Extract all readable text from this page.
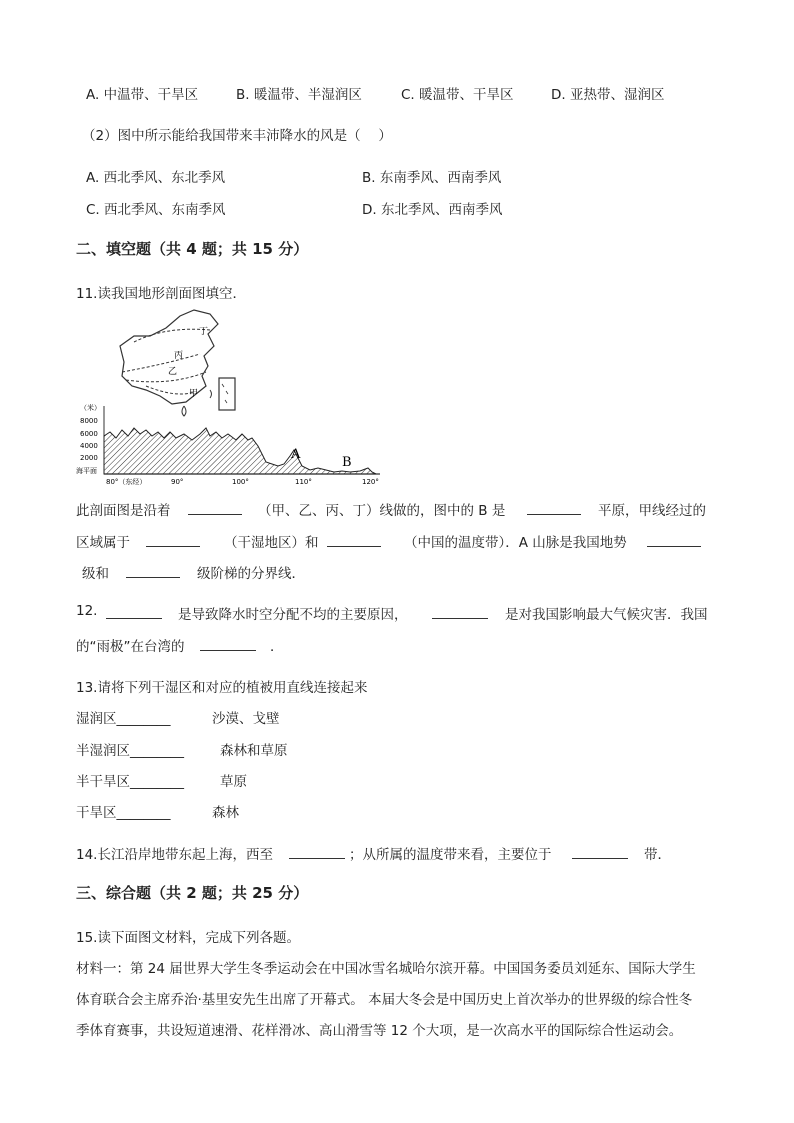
A. 中温带、干旱区	B. 暖温带、半湿润区	C. 暖温带、干旱区	D. 亚热带、湿润区
（2）图中所示能给我国带来丰沛降水的风是（　 ）
A. 西北季风、东北季风	B. 东南季风、西南季风
C. 西北季风、东南季风	D. 东北季风、西南季风
二、填空题（共 4 题；共 15 分）
11.读我国地形剖面图填空．
丁
丙
乙
甲
（米）
8000
6000
4000
2000
海平面
A
B
80°（东经）	90°	100°	110°	120°
此剖面图是沿着	（甲、乙、丙、丁）线做的，图中的 B 是	平原，甲线经过的
区域属于	（干湿地区）和	（中国的温度带）．A 山脉是我国地势
级和	级阶梯的分界线．
12.	是导致降水时空分配不均的主要原因，	是对我国影响最大气候灾害．我国
的“雨极”在台湾的	．
13.请将下列干湿区和对应的植被用直线连接起来
湿润区________	沙漠、戈壁
半湿润区________	森林和草原
半干旱区________	草原
干旱区________	森林
14.长江沿岸地带东起上海，西至	；从所属的温度带来看，主要位于	带．
三、综合题（共 2 题；共 25 分）
15.读下面图文材料，完成下列各题。
材料一：第 24 届世界大学生冬季运动会在中国冰雪名城哈尔滨开幕。中国国务委员刘延东、国际大学生
体育联合会主席乔治·基里安先生出席了开幕式。 本届大冬会是中国历史上首次举办的世界级的综合性冬
季体育赛事，共设短道速滑、花样滑冰、高山滑雪等 12 个大项，是一次高水平的国际综合性运动会。
